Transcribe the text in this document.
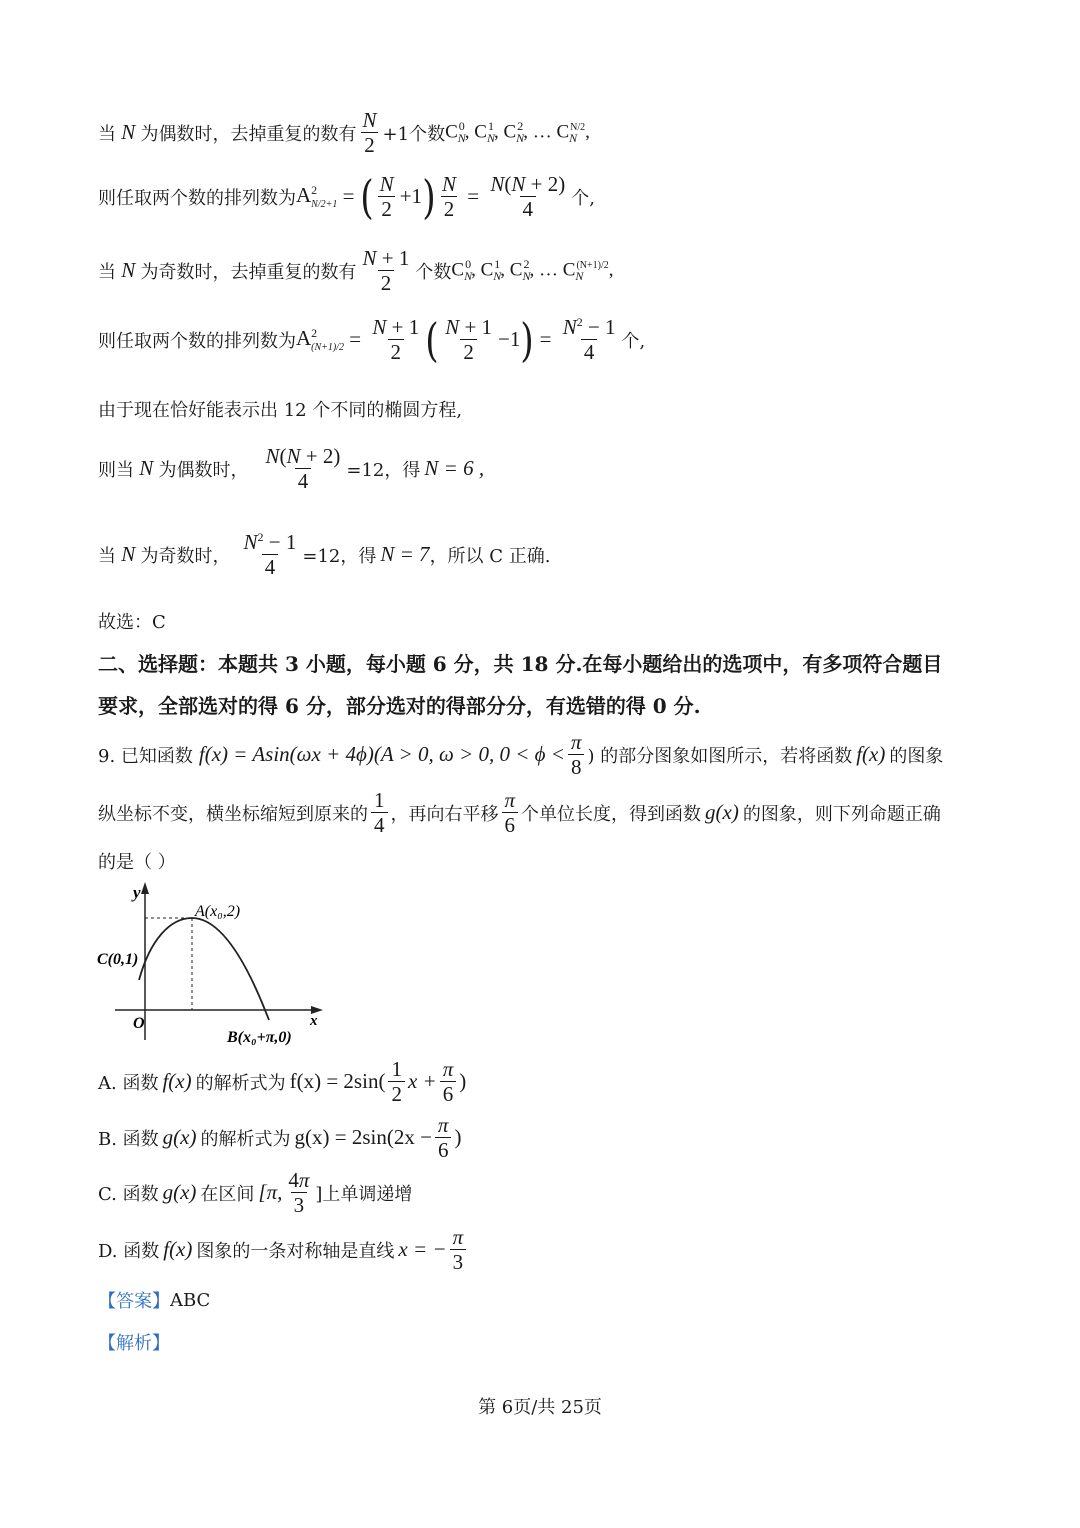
当 N 为偶数时，去掉重复的数有 $\frac{N}{2} +1$个数 $C_N^0$, $C_N^1$, $C_N^2$, … $C_N^{N/2}$,
则任取两个数的排列数为 $A^2_{N/2+1}$ = ( $\frac{N}{2} +1$ ) $\frac{N}{2} = \frac{N(N + 2)}{4}$ 个,
当 N 为奇数时，去掉重复的数有 $\frac{N + 1}{2}$ 个数 $C_N^0$, $C_N^1$, $C_N^2$, … $C_N^{(N+1)/2}$,
则任取两个数的排列数为 $A^2_{(N+1)/2} = \frac{N + 1}{2}$ ( $\frac{N + 1}{2} -1$ ) = $\frac{N^2 - 1}{4}$ 个,
由于现在恰好能表示出 12 个不同的椭圆方程,
则当 N 为偶数时， $\frac{N(N + 2)}{4} =12$，得 N = 6 ,
当 N 为奇数时， $\frac{N^2 - 1}{4} =12$，得 N = 7 ，所以 C 正确.
故选：C
二、选择题：本题共 3 小题，每小题 6 分，共 18 分.在每小题给出的选项中，有多项符合题目
要求，全部选对的得 6 分，部分选对的得部分分，有选错的得 0 分.
9. 已知函数 f(x) = Asin(ωx + 4ϕ)(A > 0, ω > 0, $0 < \phi < \frac{\pi}{8}$ ) 的部分图象如图所示，若将函数 f(x) 的图象
纵坐标不变，横坐标缩短到原来的 $\frac{1}{4}$ ，再向右平移 $\frac{\pi}{6}$ 个单位长度，得到函数 g(x) 的图象，则下列命题正确
的是（ ）
y
x
O
A(x₀,2)
C(0,1)
B(x₀+π,0)
A. 函数 f(x) 的解析式为 $f(x) = 2\sin( \frac{1}{2}$ $x + \frac{\pi}{6}$ )
B. 函数 g(x) 的解析式为 $g(x) = 2\sin(2x - \frac{\pi}{6}$ )
C. 函数 g(x) 在区间 [π, $\frac{4\pi}{3}$ ]上单调递增
D. 函数 f(x) 图象的一条对称轴是直线 x = − $\frac{\pi}{3}$
【答案】 ABC
【解析】
第 6页/共 25页
